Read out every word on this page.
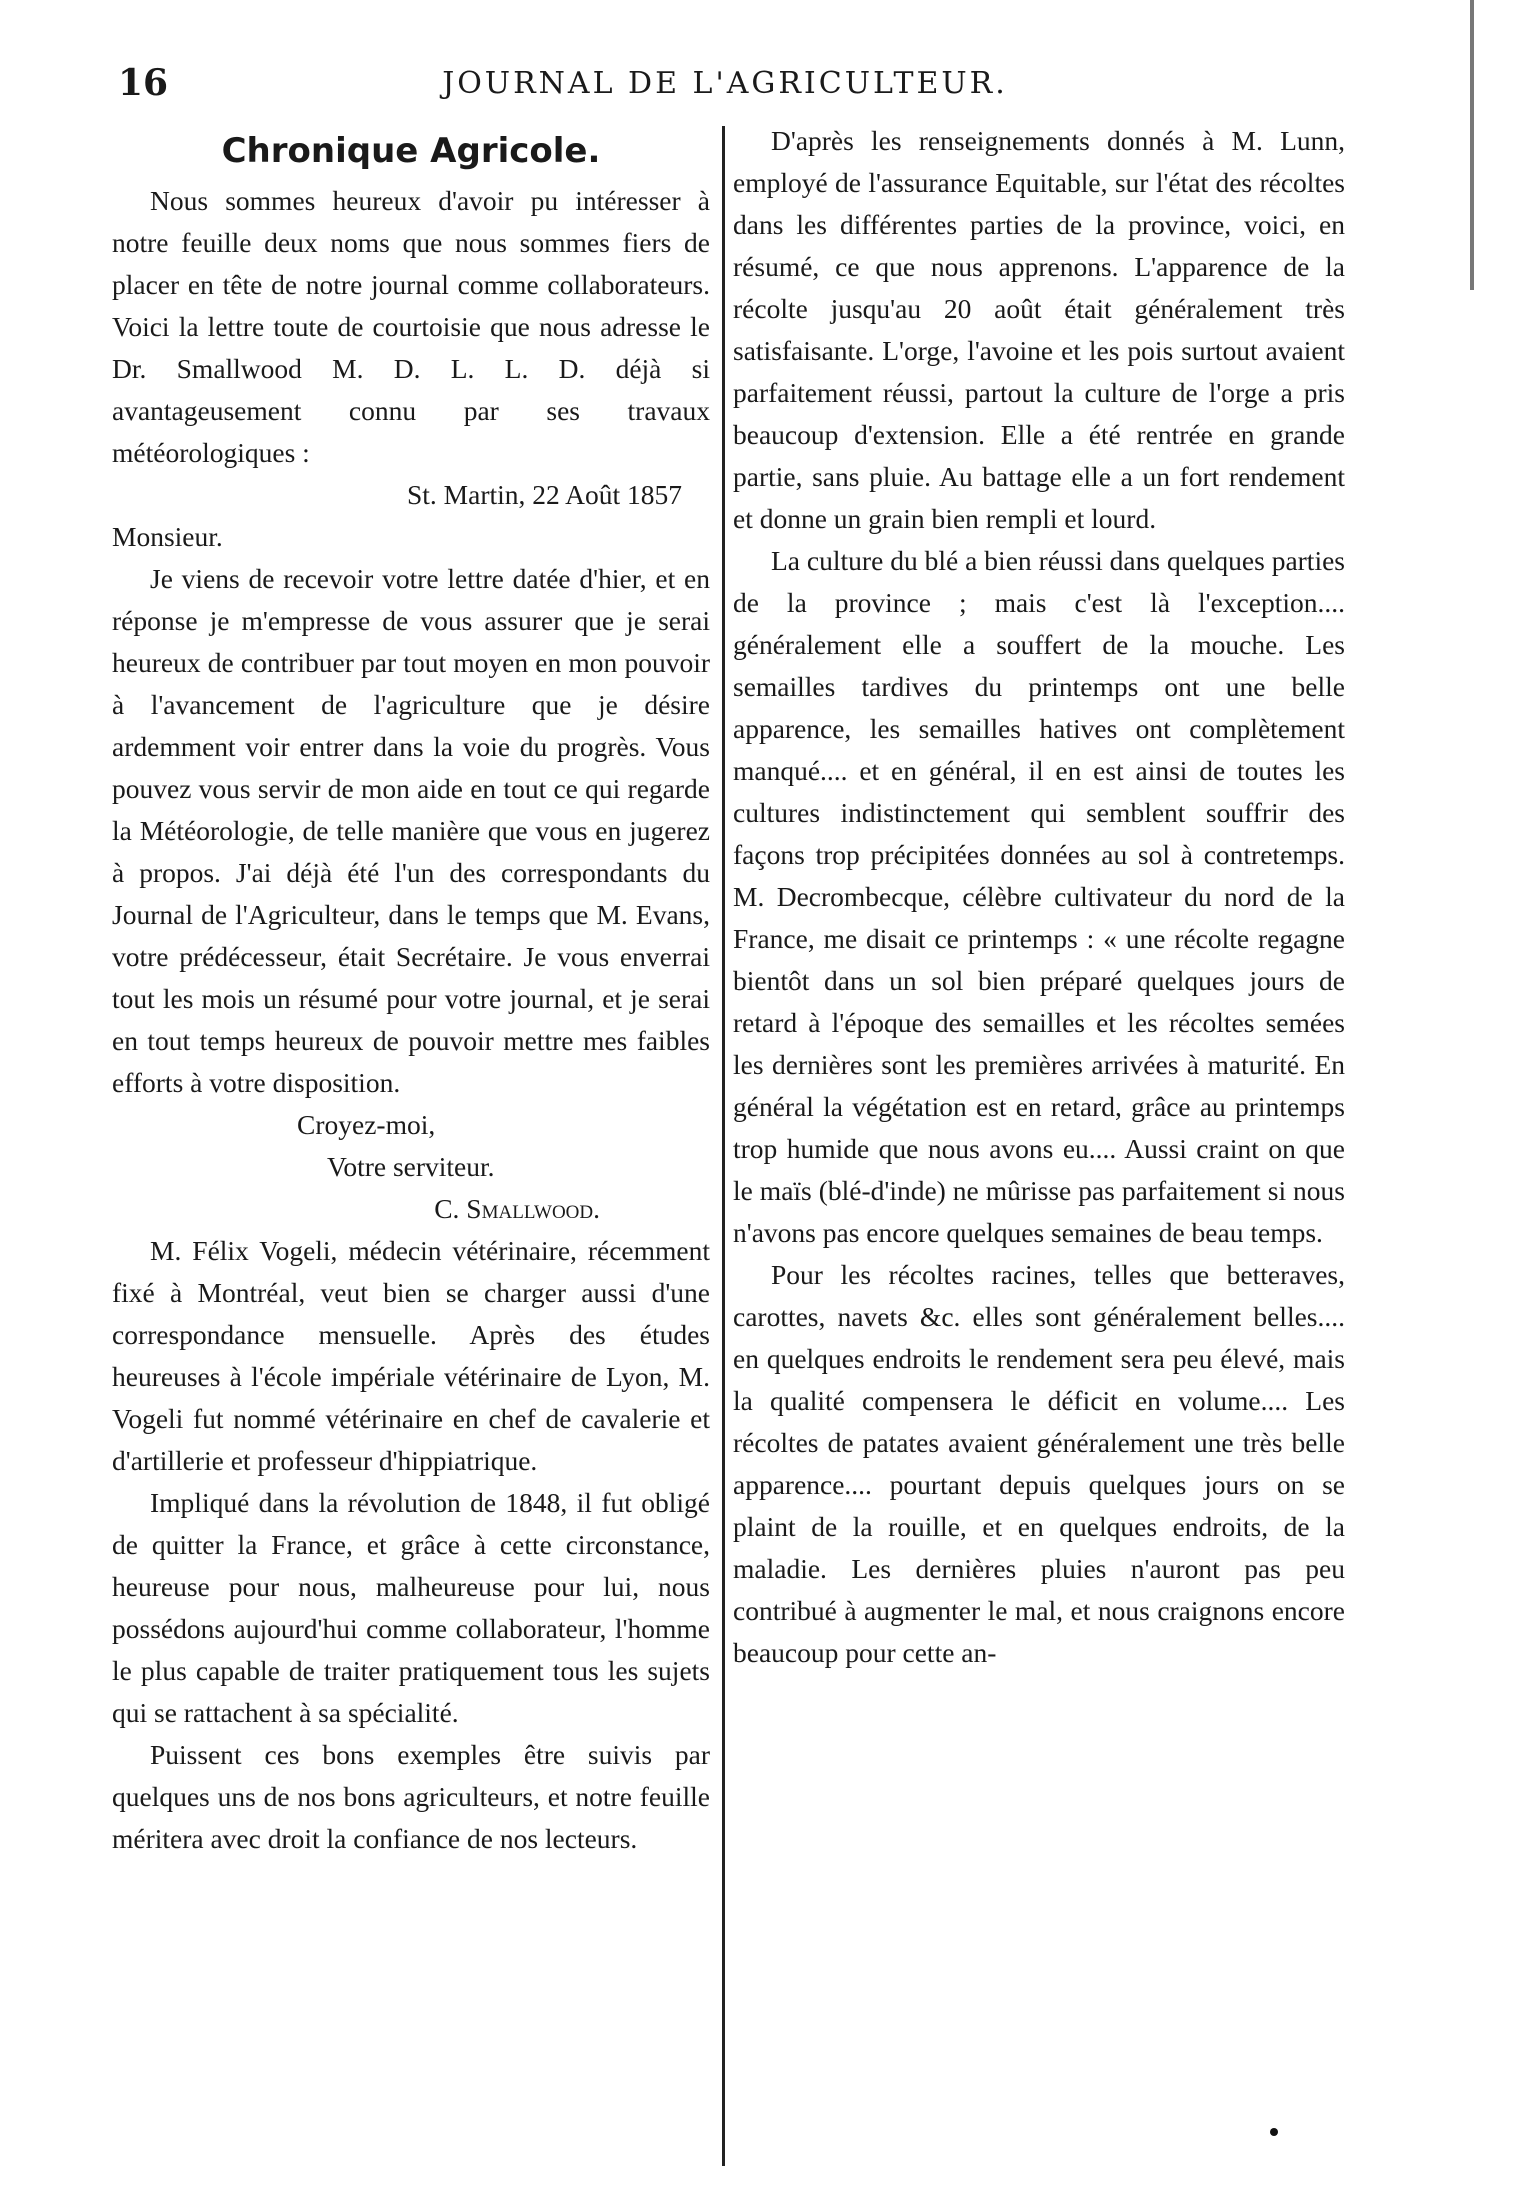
16	JOURNAL DE L'AGRICULTEUR.
Chronique Agricole.

Nous sommes heureux d'avoir pu intéresser à notre feuille deux noms que nous sommes fiers de placer en tête de notre journal comme collaborateurs. Voici la lettre toute de courtoisie que nous adresse le Dr. Smallwood M. D. L. L. D. déjà si avantageusement connu par ses travaux météorologiques :

St. Martin, 22 Août 1857

Monsieur.

Je viens de recevoir votre lettre datée d'hier, et en réponse je m'empresse de vous assurer que je serai heureux de contribuer par tout moyen en mon pouvoir à l'avancement de l'agriculture que je désire ardemment voir entrer dans la voie du progrès. Vous pouvez vous servir de mon aide en tout ce qui regarde la Météorologie, de telle manière que vous en jugerez à propos. J'ai déjà été l'un des correspondants du Journal de l'Agriculteur, dans le temps que M. Evans, votre prédécesseur, était Secrétaire. Je vous enverrai tout les mois un résumé pour votre journal, et je serai en tout temps heureux de pouvoir mettre mes faibles efforts à votre disposition.

Croyez-moi,
Votre serviteur.
C. Smallwood.

M. Félix Vogeli, médecin vétérinaire, récemment fixé à Montréal, veut bien se charger aussi d'une correspondance mensuelle. Après des études heureuses à l'école impériale vétérinaire de Lyon, M. Vogeli fut nommé vétérinaire en chef de cavalerie et d'artillerie et professeur d'hippiatrique.

Impliqué dans la révolution de 1848, il fut obligé de quitter la France, et grâce à cette circonstance, heureuse pour nous, malheureuse pour lui, nous possédons aujourd'hui comme collaborateur, l'homme le plus capable de traiter pratiquement tous les sujets qui se rattachent à sa spécialité.

Puissent ces bons exemples être suivis par quelques uns de nos bons agriculteurs, et notre feuille méritera avec droit la confiance de nos lecteurs.

D'après les renseignements donnés à M. Lunn, employé de l'assurance Equitable, sur l'état des récoltes dans les différentes parties de la province, voici, en résumé, ce que nous apprenons. L'apparence de la récolte jusqu'au 20 août était généralement très satisfaisante. L'orge, l'avoine et les pois surtout avaient parfaitement réussi, partout la culture de l'orge a pris beaucoup d'extension. Elle a été rentrée en grande partie, sans pluie. Au battage elle a un fort rendement et donne un grain bien rempli et lourd.

La culture du blé a bien réussi dans quelques parties de la province ; mais c'est là l'exception.... généralement elle a souffert de la mouche. Les semailles tardives du printemps ont une belle apparence, les semailles hatives ont complètement manqué.... et en général, il en est ainsi de toutes les cultures indistinctement qui semblent souffrir des façons trop précipitées données au sol à contretemps. M. Decrombecque, célèbre cultivateur du nord de la France, me disait ce printemps : « une récolte regagne bientôt dans un sol bien préparé quelques jours de retard à l'époque des semailles et les récoltes semées les dernières sont les premières arrivées à maturité. En général la végétation est en retard, grâce au printemps trop humide que nous avons eu.... Aussi craint on que le maïs (blé-d'inde) ne mûrisse pas parfaitement si nous n'avons pas encore quelques semaines de beau temps.

Pour les récoltes racines, telles que betteraves, carottes, navets &c. elles sont généralement belles.... en quelques endroits le rendement sera peu élevé, mais la qualité compensera le déficit en volume.... Les récoltes de patates avaient généralement une très belle apparence.... pourtant depuis quelques jours on se plaint de la rouille, et en quelques endroits, de la maladie. Les dernières pluies n'auront pas peu contribué à augmenter le mal, et nous craignons encore beaucoup pour cette an-
